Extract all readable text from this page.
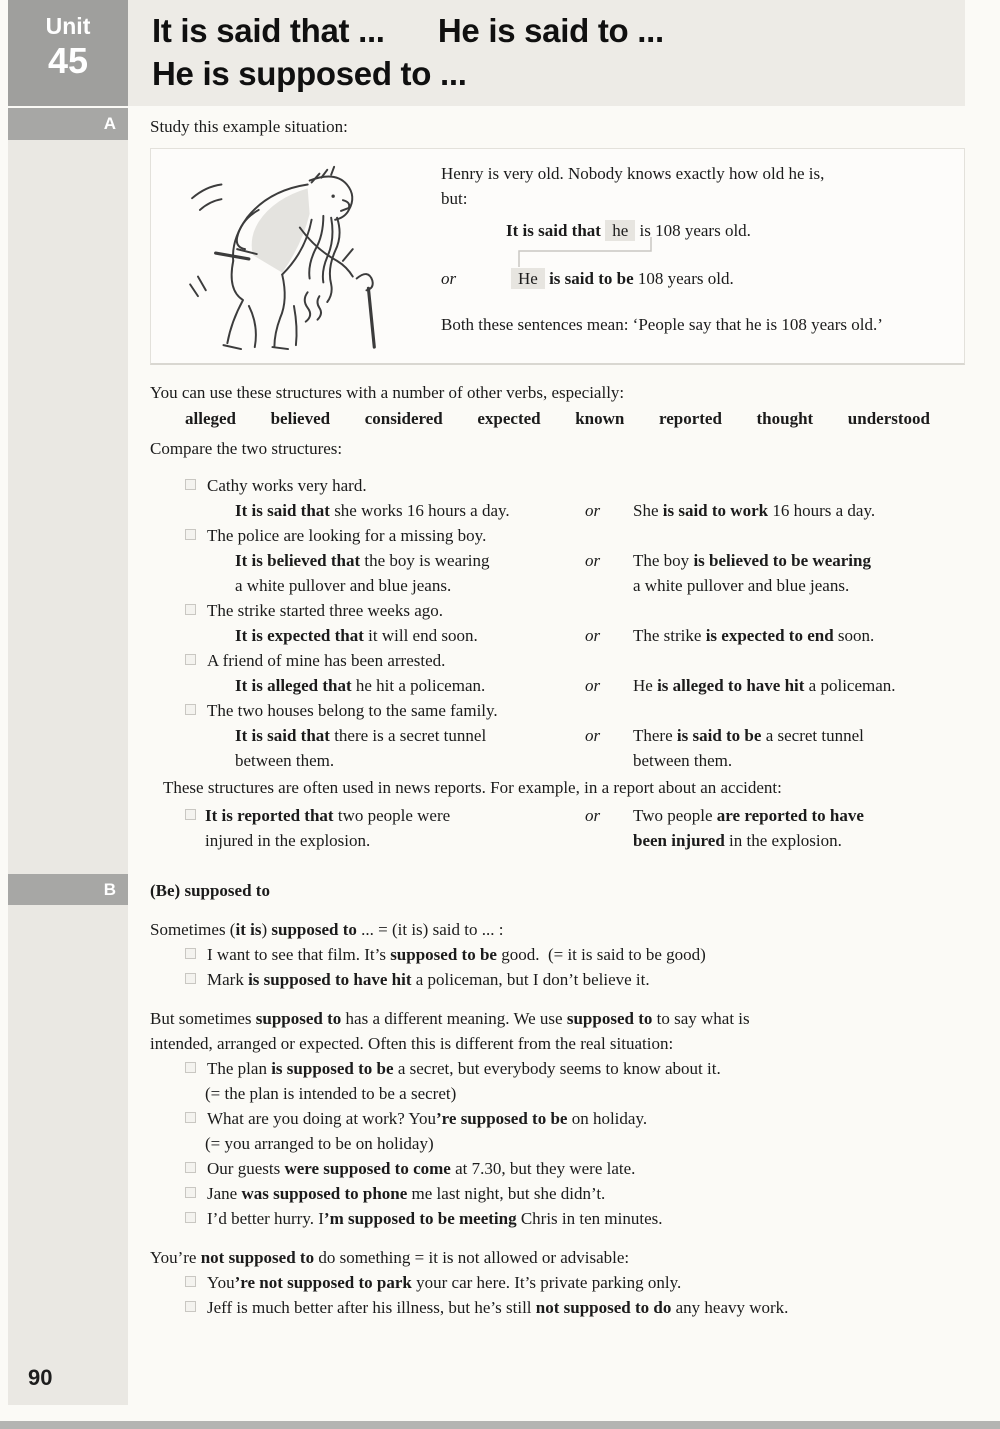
Unit
45
It is said that ...      He is said to ...
He is supposed to ...
A
B
Study this example situation:
Henry is very old. Nobody knows exactly how old he is,
but:
It is said that he is 108 years old.
or	He is said to be 108 years old.
Both these sentences mean: ‘People say that he is 108 years old.’
You can use these structures with a number of other verbs, especially:
alleged believed considered expected known reported thought understood
Compare the two structures:
Cathy works very hard.
It is said that she works 16 hours a day.	or	She is said to work 16 hours a day.
The police are looking for a missing boy.
It is believed that the boy is wearing
a white pullover and blue jeans.
or	The boy is believed to be wearing
a white pullover and blue jeans.
The strike started three weeks ago.
It is expected that it will end soon.	or	The strike is expected to end soon.
A friend of mine has been arrested.
It is alleged that he hit a policeman.	or	He is alleged to have hit a policeman.
The two houses belong to the same family.
It is said that there is a secret tunnel
between them.
or	There is said to be a secret tunnel
between them.
These structures are often used in news reports. For example, in a report about an accident:
It is reported that two people were
injured in the explosion.
or	Two people are reported to have
been injured in the explosion.
(Be) supposed to
Sometimes (it is) supposed to ... = (it is) said to ... :
I want to see that film. It’s supposed to be good.  (= it is said to be good)
Mark is supposed to have hit a policeman, but I don’t believe it.
But sometimes supposed to has a different meaning. We use supposed to to say what is
intended, arranged or expected. Often this is different from the real situation:
The plan is supposed to be a secret, but everybody seems to know about it.
(= the plan is intended to be a secret)
What are you doing at work? You’re supposed to be on holiday.
(= you arranged to be on holiday)
Our guests were supposed to come at 7.30, but they were late.
Jane was supposed to phone me last night, but she didn’t.
I’d better hurry. I’m supposed to be meeting Chris in ten minutes.
You’re not supposed to do something = it is not allowed or advisable:
You’re not supposed to park your car here. It’s private parking only.
Jeff is much better after his illness, but he’s still not supposed to do any heavy work.
90
